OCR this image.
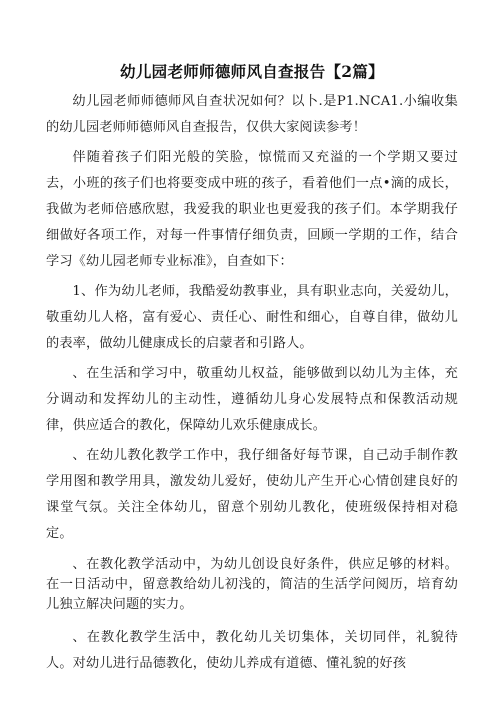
幼儿园老师师德师风自查报告【2篇】

幼儿园老师师德师风自查状况如何？以卜.是P1.NCA1.小编收集的幼儿园老师师德师风自查报告，仅供大家阅读参考！

伴随着孩子们阳光般的笑脸，惊慌而又充溢的一个学期又要过去，小班的孩子们也将要变成中班的孩子，看着他们一点•滴的成长，我做为老师倍感欣慰，我爱我的职业也更爱我的孩子们。本学期我仔细做好各项工作，对每一件事情仔细负责，回顾一学期的工作，结合学习《幼儿园老师专业标准》，自查如下：

1、作为幼儿老师，我酷爱幼教事业，具有职业志向，关爱幼儿，敬重幼儿人格，富有爱心、责任心、耐性和细心，自尊自律，做幼儿的表率，做幼儿健康成长的启蒙者和引路人。

、在生活和学习中，敬重幼儿权益，能够做到以幼儿为主体，充分调动和发挥幼儿的主动性，遵循幼儿身心发展特点和保教活动规律，供应适合的教化，保障幼儿欢乐健康成长。

、在幼儿教化教学工作中，我仔细备好每节课，自己动手制作教学用图和教学用具，激发幼儿爱好，使幼儿产生开心心情创建良好的课堂气氛。关注全体幼儿，留意个别幼儿教化，使班级保持相对稳定。

、在教化教学活动中，为幼儿创设良好条件，供应足够的材料。在一日活动中，留意教给幼儿初浅的，简洁的生活学问阅历，培育幼儿独立解决问题的实力。

、在教化教学生活中，教化幼儿关切集体，关切同伴，礼貌待人。对幼儿进行品德教化，使幼儿养成有道德、懂礼貌的好孩
